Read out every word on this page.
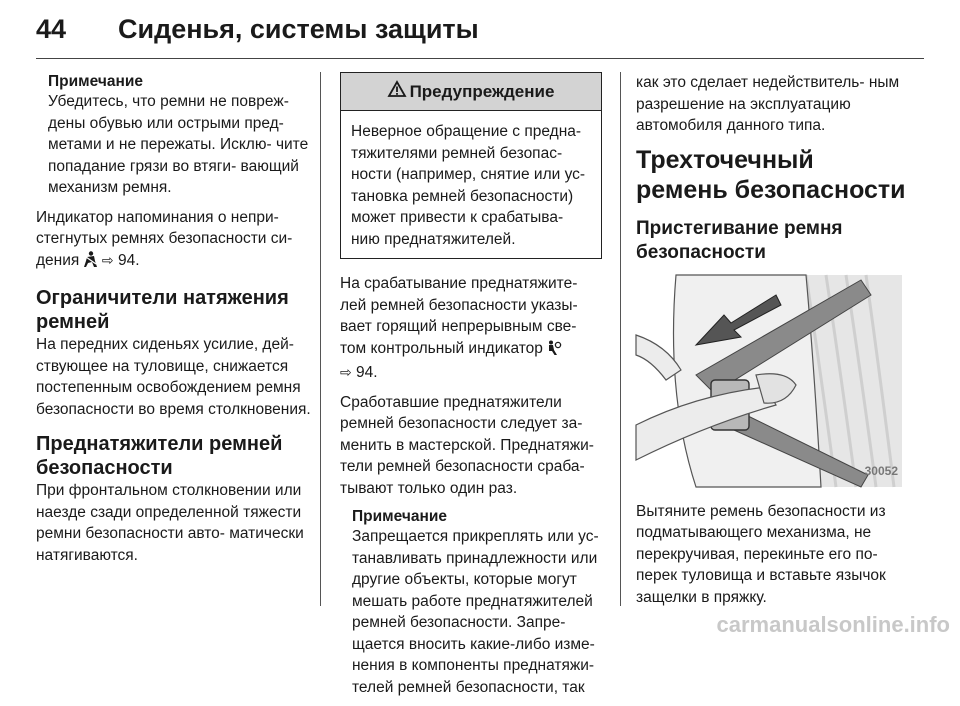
44 Сиденья, системы защиты
Примечание
Убедитесь, что ремни не повреж- дены обувью или острыми пред- метами и не пережаты. Исклю- чите попадание грязи во втяги- вающий механизм ремня.
Индикатор напоминания о непри- стегнутых ремнях безопасности си- дения ⇨ 94.
Ограничители натяжения ремней
На передних сиденьях усилие, дей- ствующее на туловище, снижается постепенным освобождением ремня безопасности во время столкновения.
Преднатяжители ремней безопасности
При фронтальном столкновении или наезде сзади определенной тяжести ремни безопасности авто- матически натягиваются.
Предупреждение
Неверное обращение с предна- тяжителями ремней безопас- ности (например, снятие или ус- тановка ремней безопасности) может привести к срабатыва- нию преднатяжителей.
На срабатывание преднатяжите- лей ремней безопасности указы- вает горящий непрерывным све- том контрольный индикатор
⇨ 94.
Сработавшие преднатяжители ремней безопасности следует за- менить в мастерской. Преднатяжи- тели ремней безопасности сраба- тывают только один раз.
Примечание
Запрещается прикреплять или ус- танавливать принадлежности или другие объекты, которые могут мешать работе преднатяжителей ремней безопасности. Запре- щается вносить какие-либо изме- нения в компоненты преднатяжи- телей ремней безопасности, так
как это сделает недействитель- ным разрешение на эксплуатацию автомобиля данного типа.
Трехточечный ремень безопасности
Пристегивание ремня безопасности
30052
Вытяните ремень безопасности из подматывающего механизма, не перекручивая, перекиньте его по- перек туловища и вставьте язычок защелки в пряжку.
carmanualsonline.info
